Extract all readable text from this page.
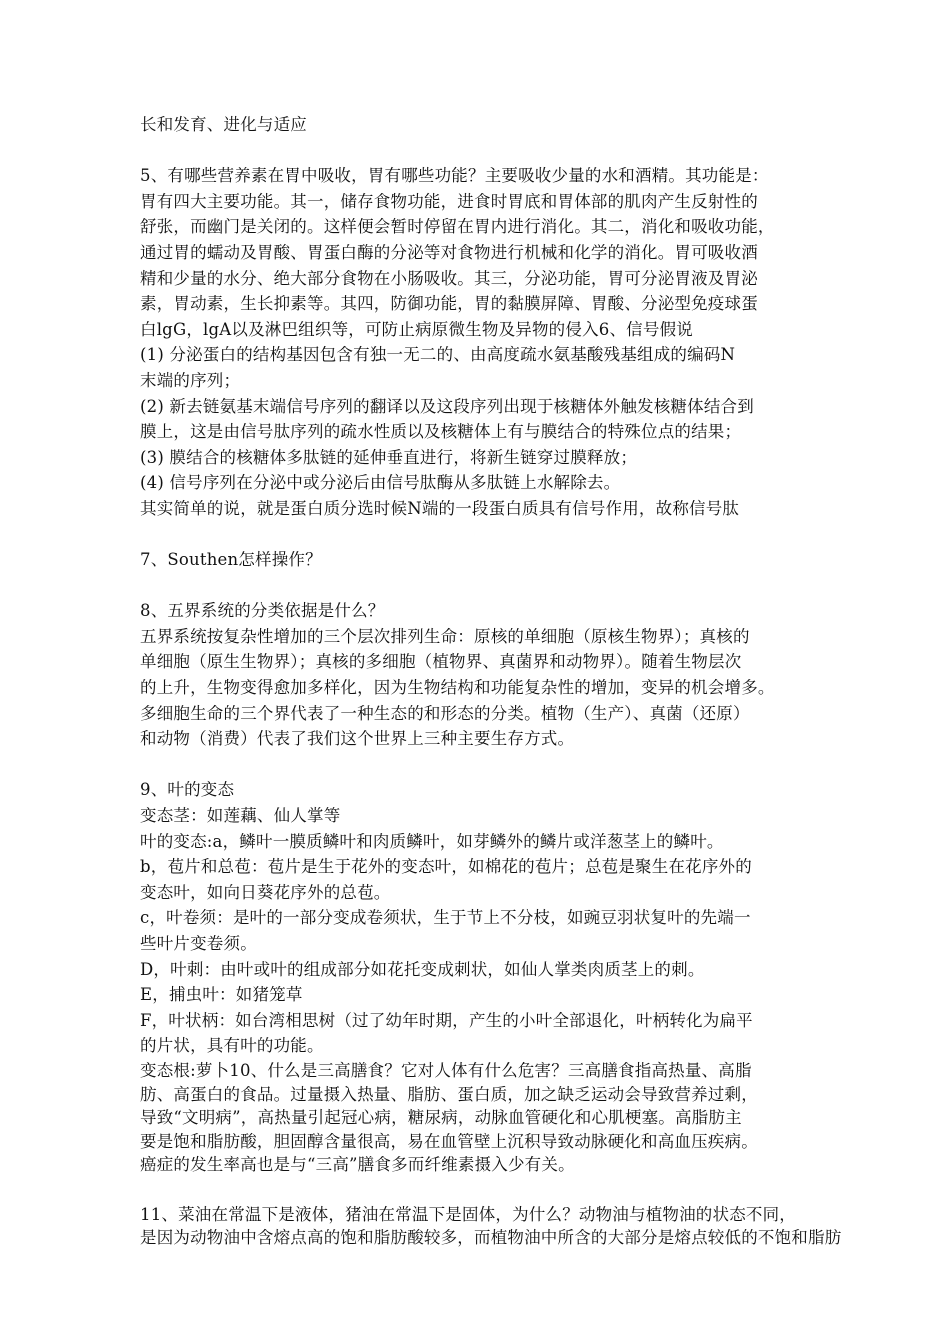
长和发育、进化与适应
5、有哪些营养素在胃中吸收，胃有哪些功能？主要吸收少量的水和酒精。其功能是：
胃有四大主要功能。其一，储存食物功能，进食时胃底和胃体部的肌肉产生反射性的
舒张，而幽门是关闭的。这样便会暂时停留在胃内进行消化。其二，消化和吸收功能，
通过胃的蠕动及胃酸、胃蛋白酶的分泌等对食物进行机械和化学的消化。胃可吸收酒
精和少量的水分、绝大部分食物在小肠吸收。其三，分泌功能，胃可分泌胃液及胃泌
素，胃动素，生长抑素等。其四，防御功能，胃的黏膜屏障、胃酸、分泌型免疫球蛋
白lgG，lgA以及淋巴组织等，可防止病原微生物及异物的侵入6、信号假说
(1) 分泌蛋白的结构基因包含有独一无二的、由高度疏水氨基酸残基组成的编码N
末端的序列；
(2) 新去链氨基末端信号序列的翻译以及这段序列出现于核糖体外触发核糖体结合到
膜上，这是由信号肽序列的疏水性质以及核糖体上有与膜结合的特殊位点的结果；
(3) 膜结合的核糖体多肽链的延伸垂直进行，将新生链穿过膜释放；
(4) 信号序列在分泌中或分泌后由信号肽酶从多肽链上水解除去。
其实简单的说，就是蛋白质分选时候N端的一段蛋白质具有信号作用，故称信号肽
7、Southen怎样操作？
8、五界系统的分类依据是什么？
五界系统按复杂性增加的三个层次排列生命：原核的单细胞（原核生物界）；真核的
单细胞（原生生物界）；真核的多细胞（植物界、真菌界和动物界）。随着生物层次
的上升，生物变得愈加多样化，因为生物结构和功能复杂性的增加，变异的机会增多。
多细胞生命的三个界代表了一种生态的和形态的分类。植物（生产）、真菌（还原）
和动物（消费）代表了我们这个世界上三种主要生存方式。
9、叶的变态
变态茎：如莲藕、仙人掌等
叶的变态:a，鳞叶一膜质鳞叶和肉质鳞叶，如芽鳞外的鳞片或洋葱茎上的鳞叶。
b，苞片和总苞：苞片是生于花外的变态叶，如棉花的苞片；总苞是聚生在花序外的
变态叶，如向日葵花序外的总苞。
c，叶卷须：是叶的一部分变成卷须状，生于节上不分枝，如豌豆羽状复叶的先端一
些叶片变卷须。
D，叶刺：由叶或叶的组成部分如花托变成刺状，如仙人掌类肉质茎上的刺。
E，捕虫叶：如猪笼草
F，叶状柄：如台湾相思树（过了幼年时期，产生的小叶全部退化，叶柄转化为扁平
的片状，具有叶的功能。
变态根:萝卜10、什么是三高膳食？它对人体有什么危害？三高膳食指高热量、高脂
肪、高蛋白的食品。过量摄入热量、脂肪、蛋白质，加之缺乏运动会导致营养过剩，
导致“文明病”，高热量引起冠心病，糖尿病，动脉血管硬化和心肌梗塞。高脂肪主
要是饱和脂肪酸，胆固醇含量很高，易在血管壁上沉积导致动脉硬化和高血压疾病。
癌症的发生率高也是与“三高”膳食多而纤维素摄入少有关。
11、菜油在常温下是液体，猪油在常温下是固体，为什么？动物油与植物油的状态不同，
是因为动物油中含熔点高的饱和脂肪酸较多，而植物油中所含的大部分是熔点较低的不饱和脂肪
